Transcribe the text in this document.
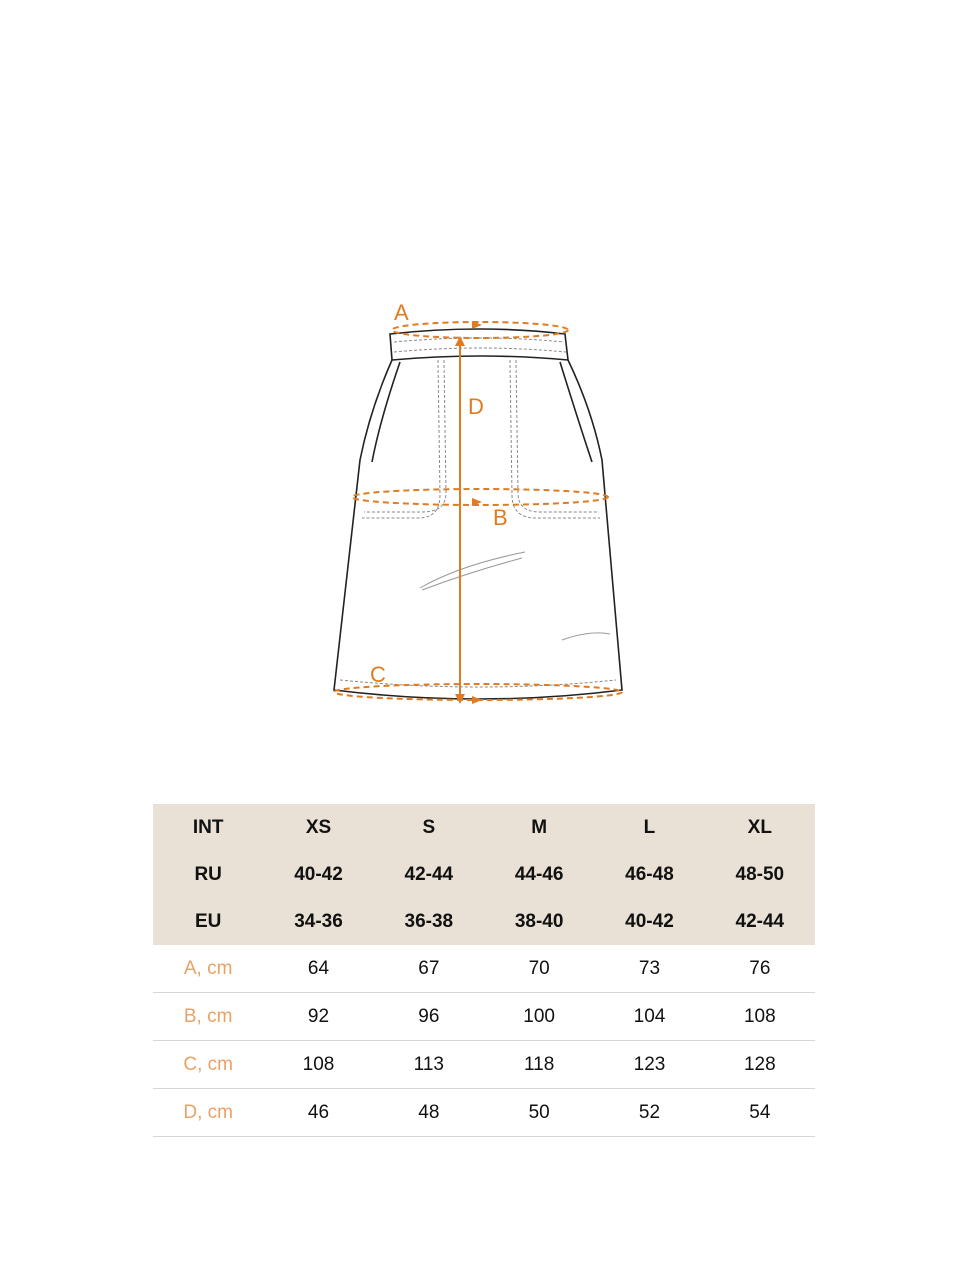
A
D
B
C
INT	XS	S	M	L	XL
RU	40-42	42-44	44-46	46-48	48-50
EU	34-36	36-38	38-40	40-42	42-44
A, cm	64	67	70	73	76
B, cm	92	96	100	104	108
C, cm	108	113	118	123	128
D, cm	46	48	50	52	54
